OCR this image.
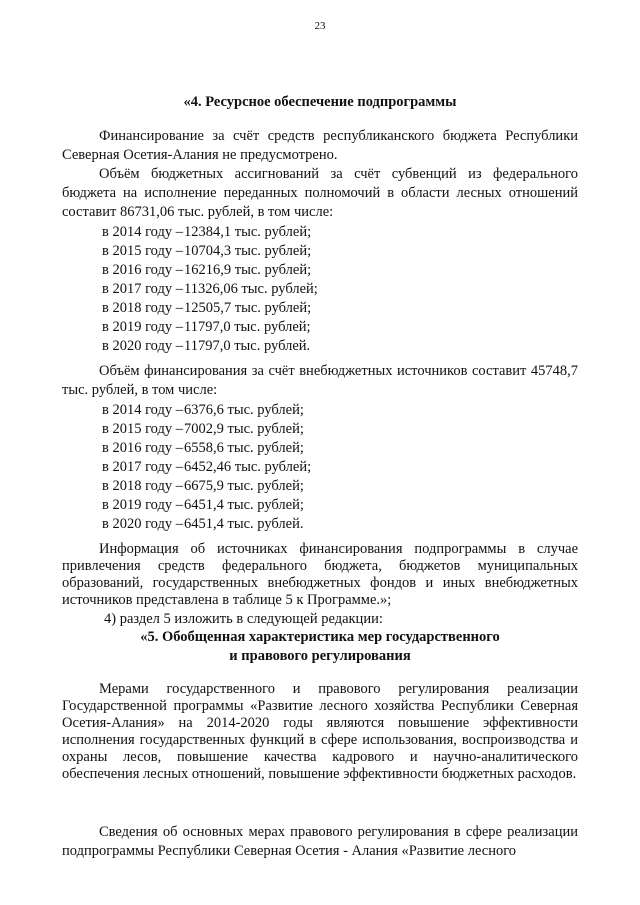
23
«4. Ресурсное обеспечение подпрограммы

Финансирование за счёт средств республиканского бюджета Республики Северная Осетия-Алания не предусмотрено.

Объём бюджетных ассигнований за счёт субвенций из федерального бюджета на исполнение переданных полномочий в области лесных отношений составит 86731,06 тыс. рублей, в том числе:

в 2014 году –12384,1 тыс. рублей;
в 2015 году –10704,3 тыс. рублей;
в 2016 году –16216,9 тыс. рублей;
в 2017 году –11326,06 тыс. рублей;
в 2018 году –12505,7 тыс. рублей;
в 2019 году –11797,0 тыс. рублей;
в 2020 году –11797,0 тыс. рублей.

Объём финансирования за счёт внебюджетных источников составит 45748,7 тыс. рублей, в том числе:

в 2014 году –6376,6 тыс. рублей;
в 2015 году –7002,9 тыс. рублей;
в 2016 году –6558,6 тыс. рублей;
в 2017 году –6452,46 тыс. рублей;
в 2018 году –6675,9 тыс. рублей;
в 2019 году –6451,4 тыс. рублей;
в 2020 году –6451,4 тыс. рублей.

Информация об источниках финансирования подпрограммы в случае привлечения средств федерального бюджета, бюджетов муниципальных образований, государственных внебюджетных фондов и иных внебюджетных источников представлена в таблице 5 к Программе.»;

4) раздел 5 изложить в следующей редакции:

«5. Обобщенная характеристика мер государственного
и правового регулирования

Мерами государственного и правового регулирования реализации Государственной программы «Развитие лесного хозяйства Республики Северная Осетия-Алания» на 2014-2020 годы являются повышение эффективности исполнения государственных функций в сфере использования, воспроизводства и охраны лесов, повышение качества кадрового и научно-аналитического обеспечения лесных отношений, повышение эффективности бюджетных расходов.

Сведения об основных мерах правового регулирования в сфере реализации подпрограммы Республики Северная Осетия - Алания «Развитие лесного
